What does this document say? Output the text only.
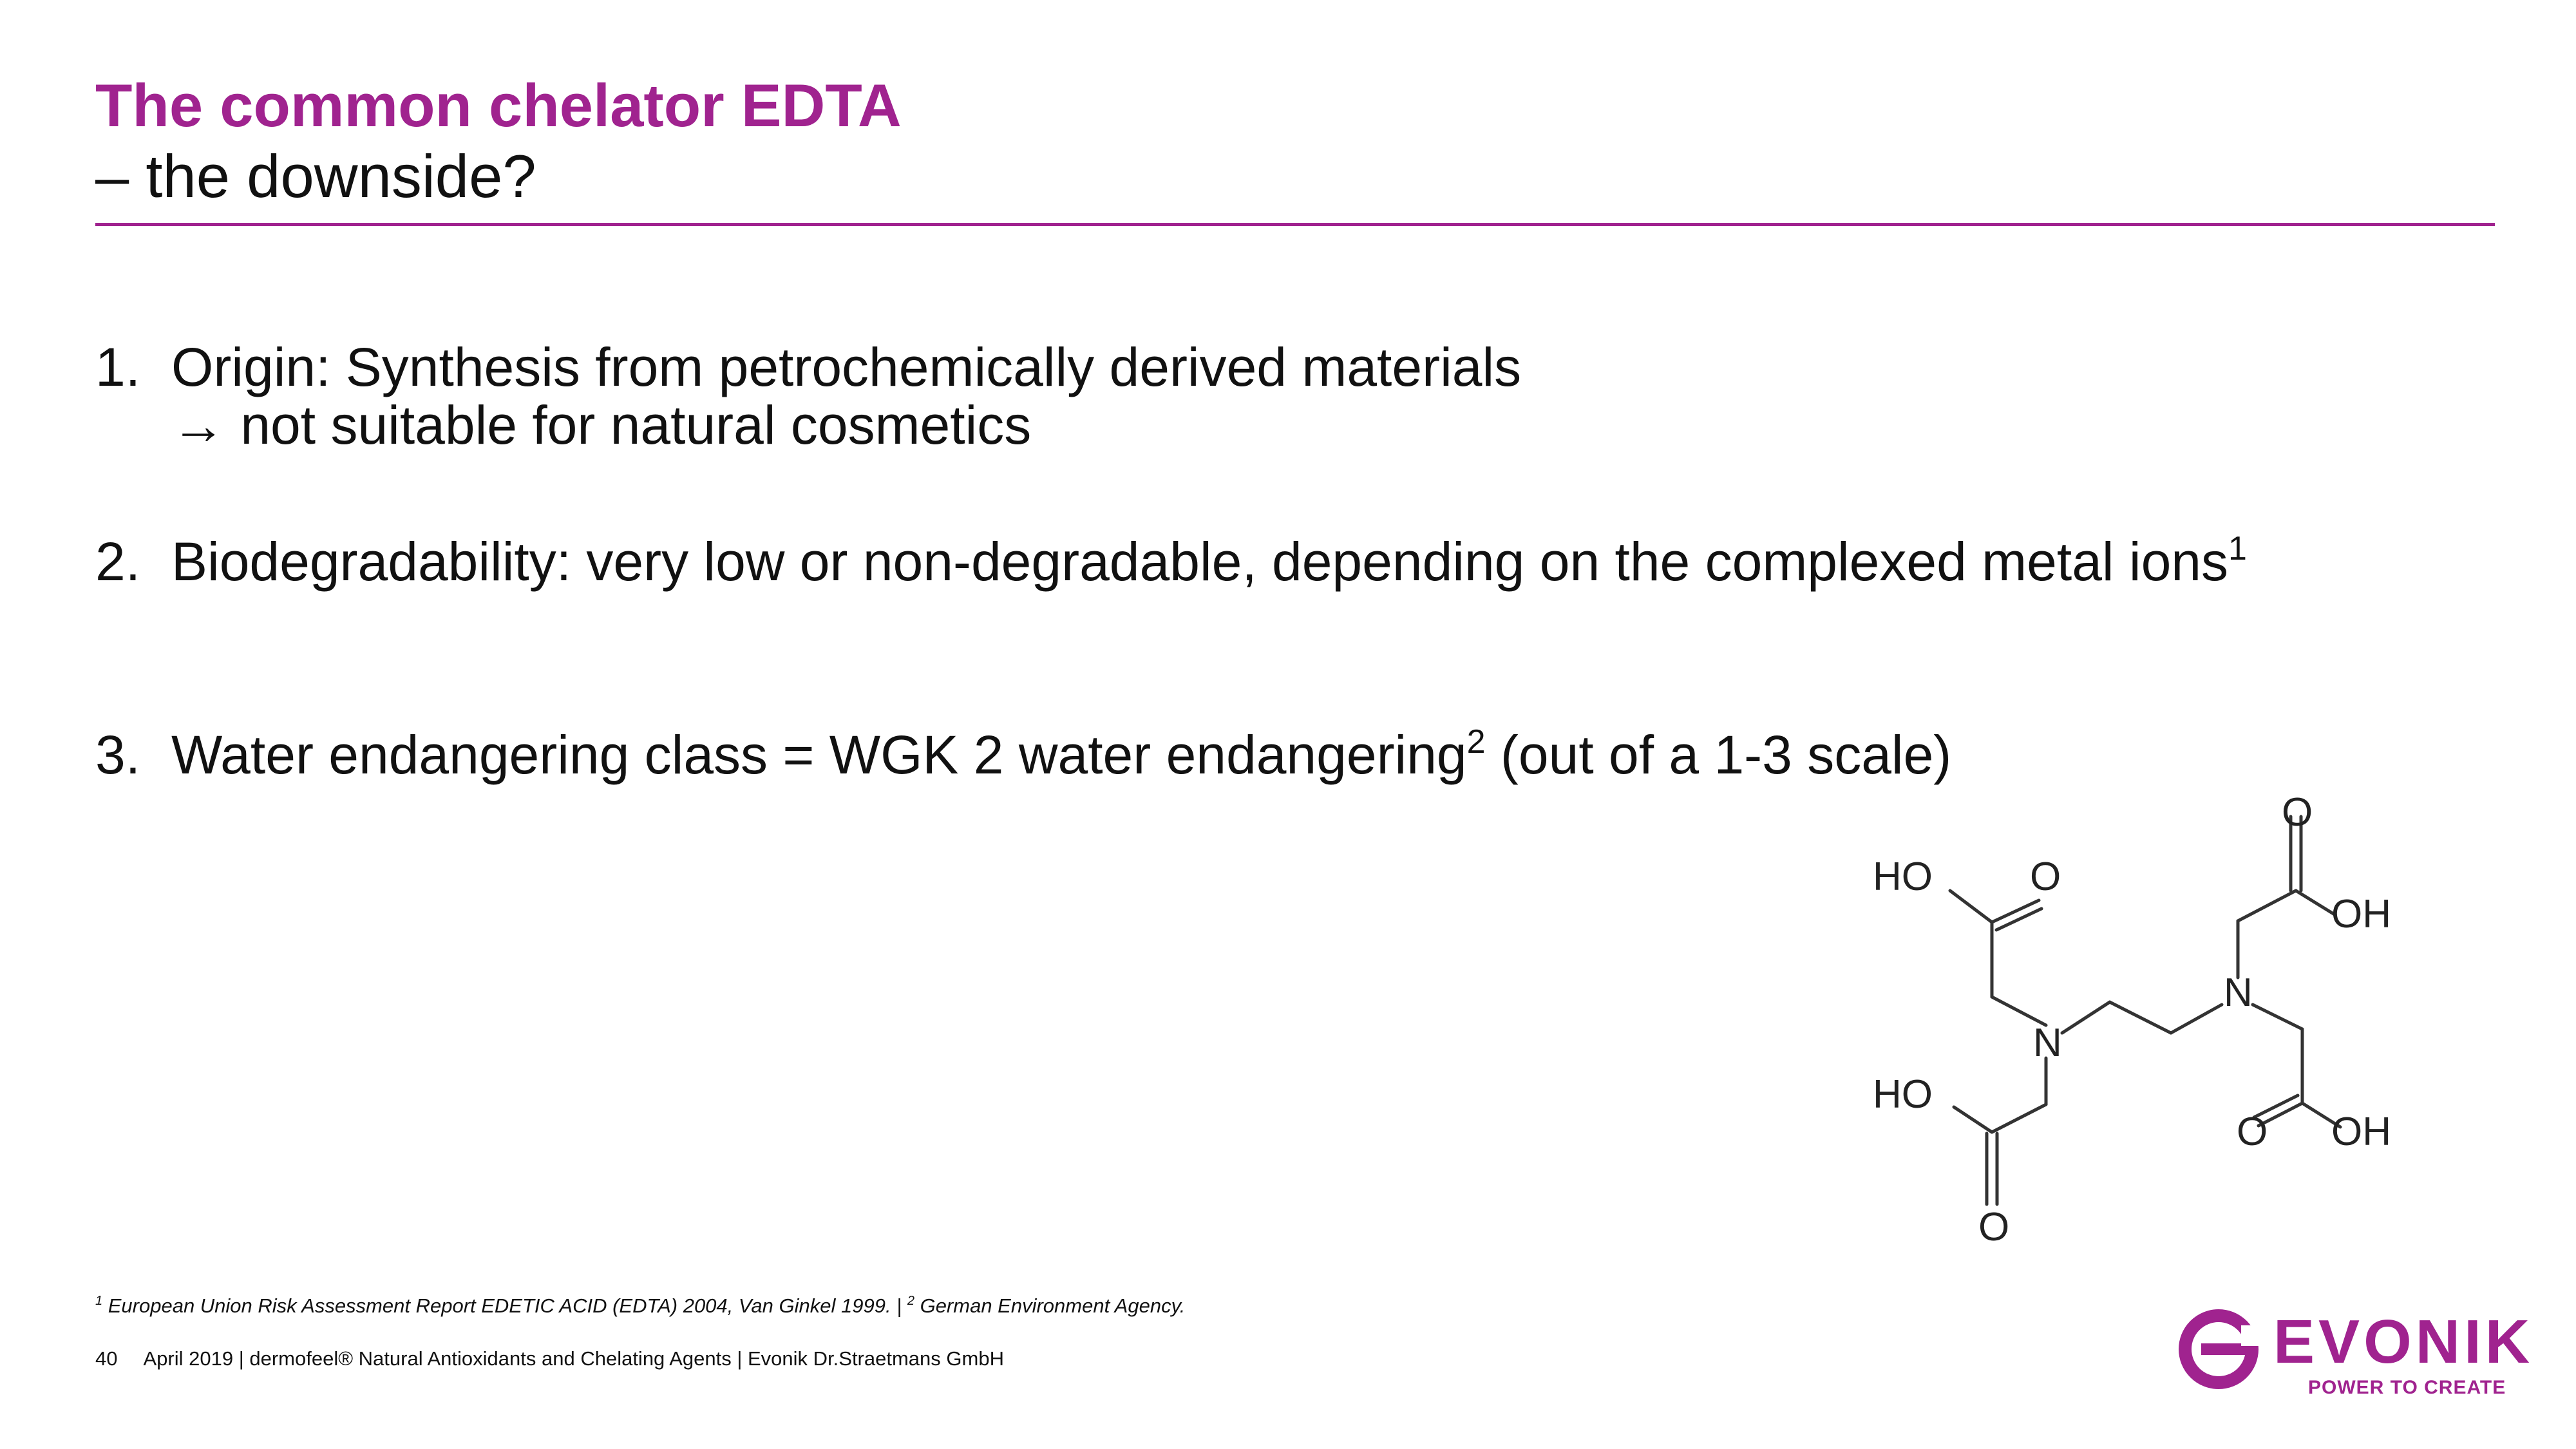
The common chelator EDTA
– the downside?
1. Origin: Synthesis from petrochemically derived materials
→ not suitable for natural cosmetics
2. Biodegradability: very low or non-degradable, depending on the complexed metal ions$^1$
3. Water endangering class = WGK 2 water endangering$^2$ (out of a 1-3 scale)
HO O
O
OH
N
N
HO
O OH
O
$^1$ European Union Risk Assessment Report EDETIC ACID (EDTA) 2004, Van Ginkel 1999. | $^2$ German Environment Agency.
40 April 2019 | dermofeel® Natural Antioxidants and Chelating Agents | Evonik Dr.Straetmans GmbH	EVONIK
POWER TO CREATE
